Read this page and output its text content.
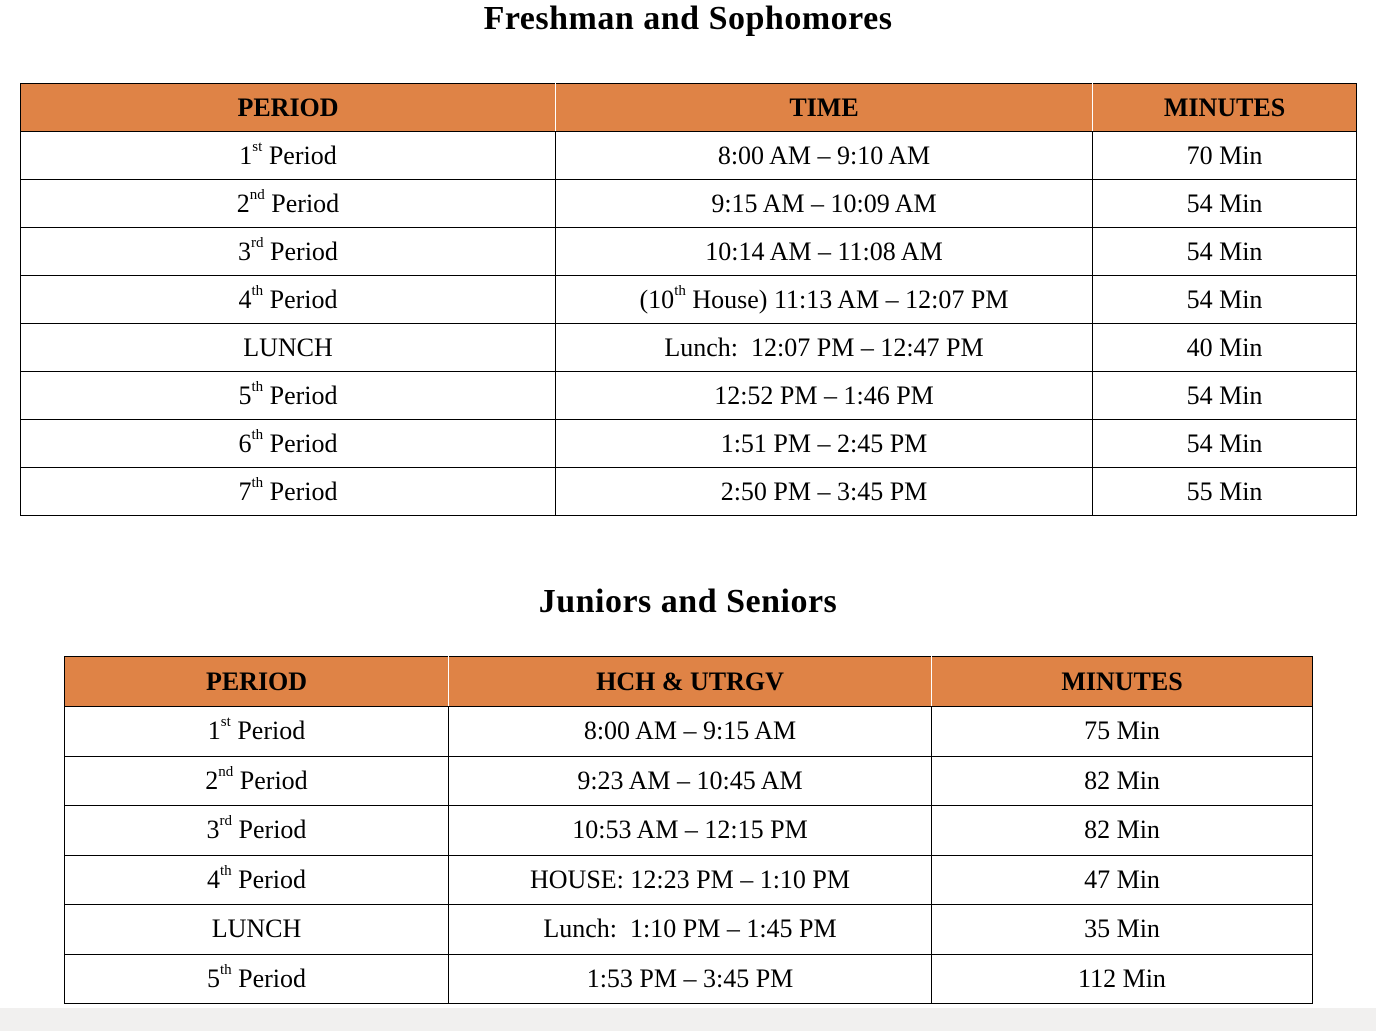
Freshman and Sophomores
PERIOD	TIME	MINUTES
1st Period	8:00 AM – 9:10 AM	70 Min
2nd Period	9:15 AM – 10:09 AM	54 Min
3rd Period	10:14 AM – 11:08 AM	54 Min
4th Period	(10th House) 11:13 AM – 12:07 PM	54 Min
LUNCH	Lunch:  12:07 PM – 12:47 PM	40 Min
5th Period	12:52 PM – 1:46 PM	54 Min
6th Period	1:51 PM – 2:45 PM	54 Min
7th Period	2:50 PM – 3:45 PM	55 Min
Juniors and Seniors
PERIOD	HCH & UTRGV	MINUTES
1st Period	8:00 AM – 9:15 AM	75 Min
2nd Period	9:23 AM – 10:45 AM	82 Min
3rd Period	10:53 AM – 12:15 PM	82 Min
4th Period	HOUSE: 12:23 PM – 1:10 PM	47 Min
LUNCH	Lunch:  1:10 PM – 1:45 PM	35 Min
5th Period	1:53 PM – 3:45 PM	112 Min
